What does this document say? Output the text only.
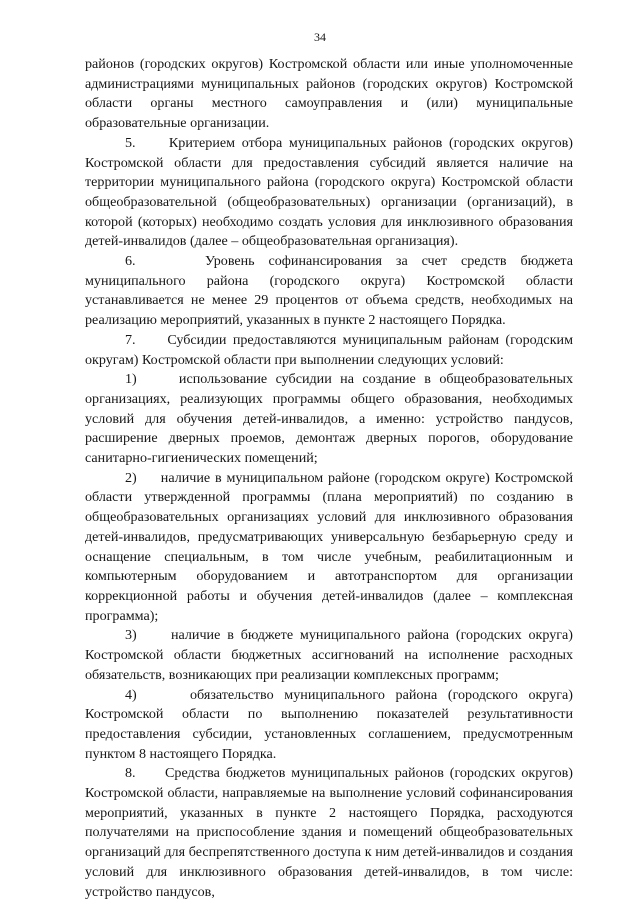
34

районов (городских округов) Костромской области или иные уполномоченные администрациями муниципальных районов (городских округов) Костромской области органы местного самоуправления и (или) муниципальные образовательные организации.

5.     Критерием отбора муниципальных районов (городских округов) Костромской области для предоставления субсидий является наличие на территории муниципального района (городского округа) Костромской области общеобразовательной (общеобразовательных) организации (организаций), в которой (которых) необходимо создать условия для инклюзивного образования детей-инвалидов (далее – общеобразовательная организация).

6.     Уровень софинансирования за счет средств бюджета муниципального района (городского округа) Костромской области устанавливается не менее 29 процентов от объема средств, необходимых на реализацию мероприятий, указанных в пункте 2 настоящего Порядка.

7.     Субсидии предоставляются муниципальным районам (городским округам) Костромской области при выполнении следующих условий:

1)     использование субсидии на создание в общеобразовательных организациях, реализующих программы общего образования, необходимых условий для обучения детей-инвалидов, а именно: устройство пандусов, расширение дверных проемов, демонтаж дверных порогов, оборудование санитарно-гигиенических помещений;

2)     наличие в муниципальном районе (городском округе) Костромской области утвержденной программы (плана мероприятий) по созданию в общеобразовательных организациях условий для инклюзивного образования детей-инвалидов, предусматривающих универсальную безбарьерную среду и оснащение специальным, в том числе учебным, реабилитационным и компьютерным оборудованием и автотранспортом для организации коррекционной работы и обучения детей-инвалидов (далее – комплексная программа);

3)     наличие в бюджете муниципального района (городских округа) Костромской области бюджетных ассигнований на исполнение расходных обязательств, возникающих при реализации комплексных программ;

4)     обязательство муниципального района (городского округа) Костромской области по выполнению показателей результативности предоставления субсидии, установленных соглашением, предусмотренным пунктом 8 настоящего Порядка.

8.     Средства бюджетов муниципальных районов (городских округов) Костромской области, направляемые на выполнение условий софинансирования мероприятий, указанных в пункте 2 настоящего Порядка, расходуются получателями на приспособление здания и помещений общеобразовательных организаций для беспрепятственного доступа к ним детей-инвалидов и создания условий для инклюзивного образования детей-инвалидов, в том числе: устройство пандусов,
